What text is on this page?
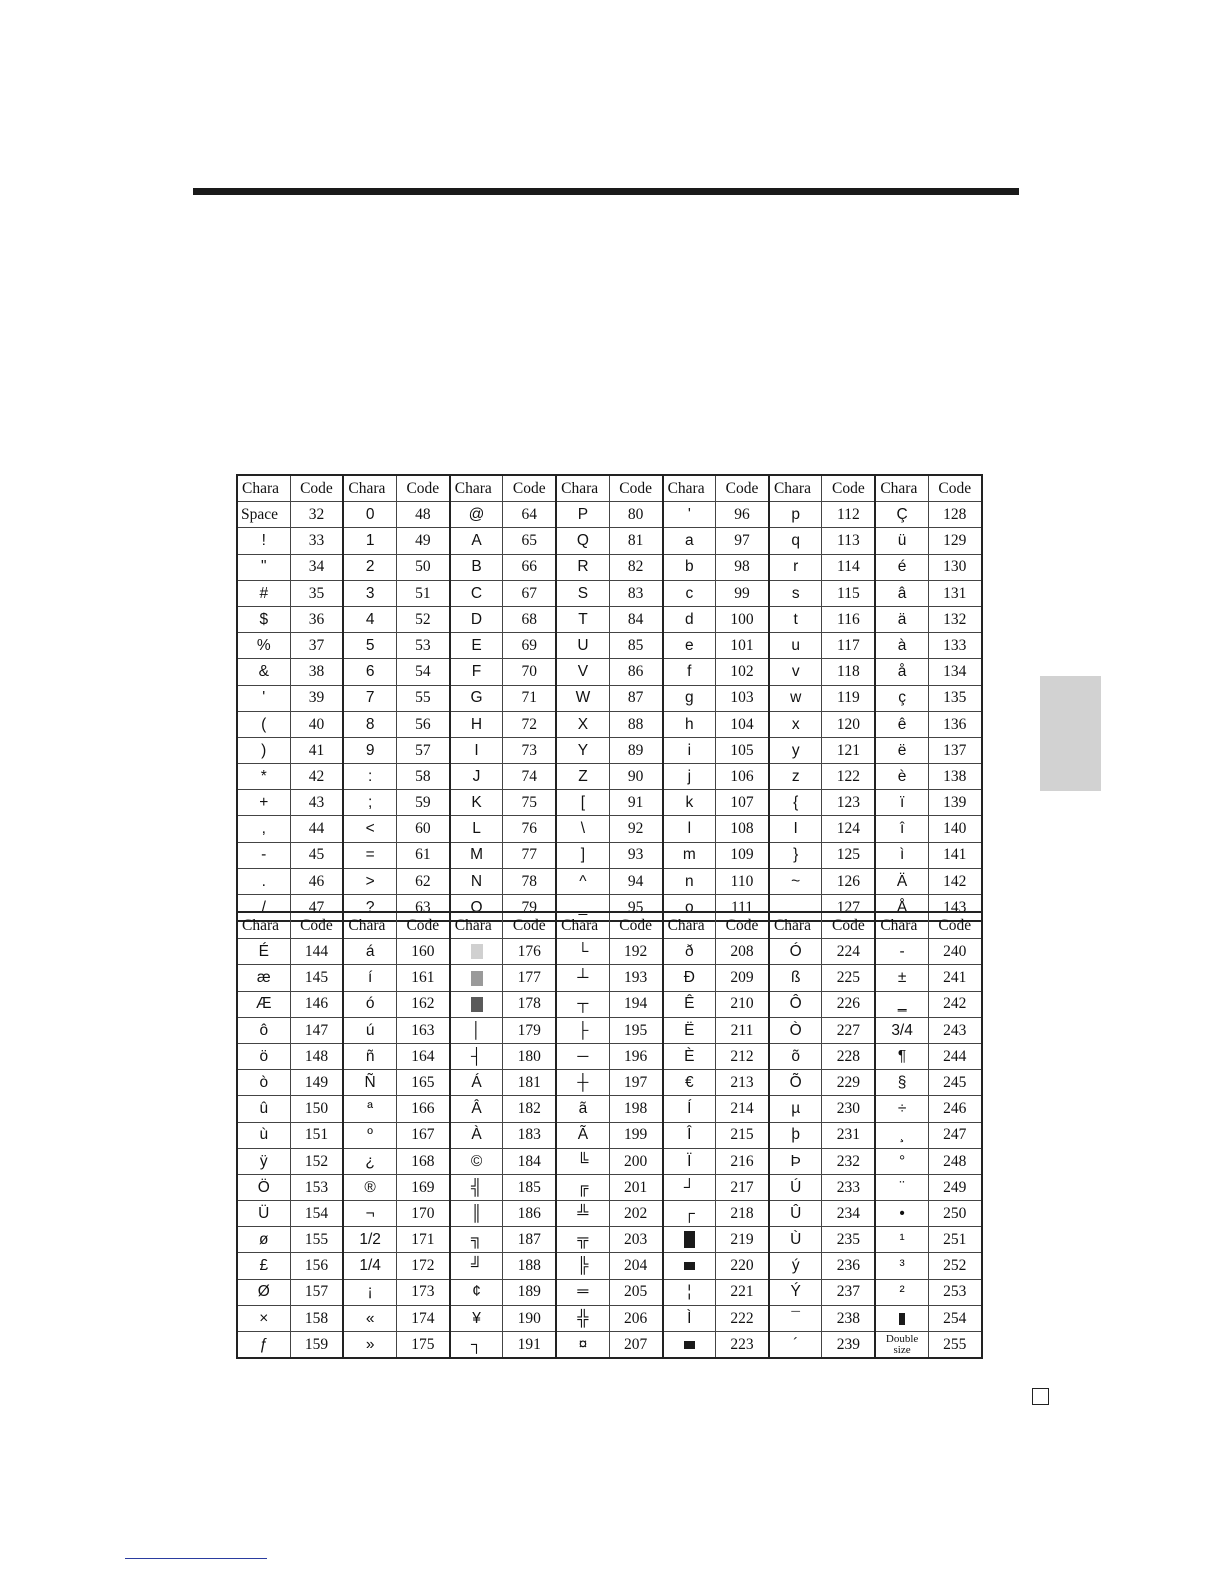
Chara	Code	Chara	Code	Chara	Code	Chara	Code	Chara	Code	Chara	Code	Chara	Code
Space	32	0	48	@	64	P	80	'	96	p	112	Ç	128
!	33	1	49	A	65	Q	81	a	97	q	113	ü	129
"	34	2	50	B	66	R	82	b	98	r	114	é	130
#	35	3	51	C	67	S	83	c	99	s	115	â	131
$	36	4	52	D	68	T	84	d	100	t	116	ä	132
%	37	5	53	E	69	U	85	e	101	u	117	à	133
&	38	6	54	F	70	V	86	f	102	v	118	å	134
'	39	7	55	G	71	W	87	g	103	w	119	ç	135
(	40	8	56	H	72	X	88	h	104	x	120	ê	136
)	41	9	57	I	73	Y	89	i	105	y	121	ë	137
*	42	:	58	J	74	Z	90	j	106	z	122	è	138
+	43	;	59	K	75	[	91	k	107	{	123	ï	139
,	44	<	60	L	76	\	92	l	108	I	124	î	140
-	45	=	61	M	77	]	93	m	109	}	125	ì	141
.	46	>	62	N	78	^	94	n	110	~	126	Ä	142
/	47	?	63	O	79	_	95	o	111		127	Å	143
Chara	Code	Chara	Code	Chara	Code	Chara	Code	Chara	Code	Chara	Code	Chara	Code
É	144	á	160		176	└	192	ð	208	Ó	224	-	240
æ	145	í	161		177	┴	193	Ð	209	ß	225	±	241
Æ	146	ó	162		178	┬	194	Ê	210	Ô	226	‗	242
ô	147	ú	163	│	179	├	195	Ë	211	Ò	227	3/4	243
ö	148	ñ	164	┤	180	─	196	È	212	õ	228	¶	244
ò	149	Ñ	165	Á	181	┼	197	€	213	Õ	229	§	245
û	150	ª	166	Â	182	ã	198	Í	214	µ	230	÷	246
ù	151	º	167	À	183	Ã	199	Î	215	þ	231	¸	247
ÿ	152	¿	168	©	184	╚	200	Ï	216	Þ	232	°	248
Ö	153	®	169	╣	185	╔	201	┘	217	Ú	233	¨	249
Ü	154	¬	170	║	186	╩	202	┌	218	Û	234	•	250
ø	155	1/2	171	╗	187	╦	203		219	Ù	235	¹	251
£	156	1/4	172	╝	188	╠	204		220	ý	236	³	252
Ø	157	¡	173	¢	189	═	205	¦	221	Ý	237	²	253
×	158	«	174	¥	190	╬	206	Ì	222	¯	238		254
ƒ	159	»	175	┐	191	¤	207		223	´	239	Double size	255
